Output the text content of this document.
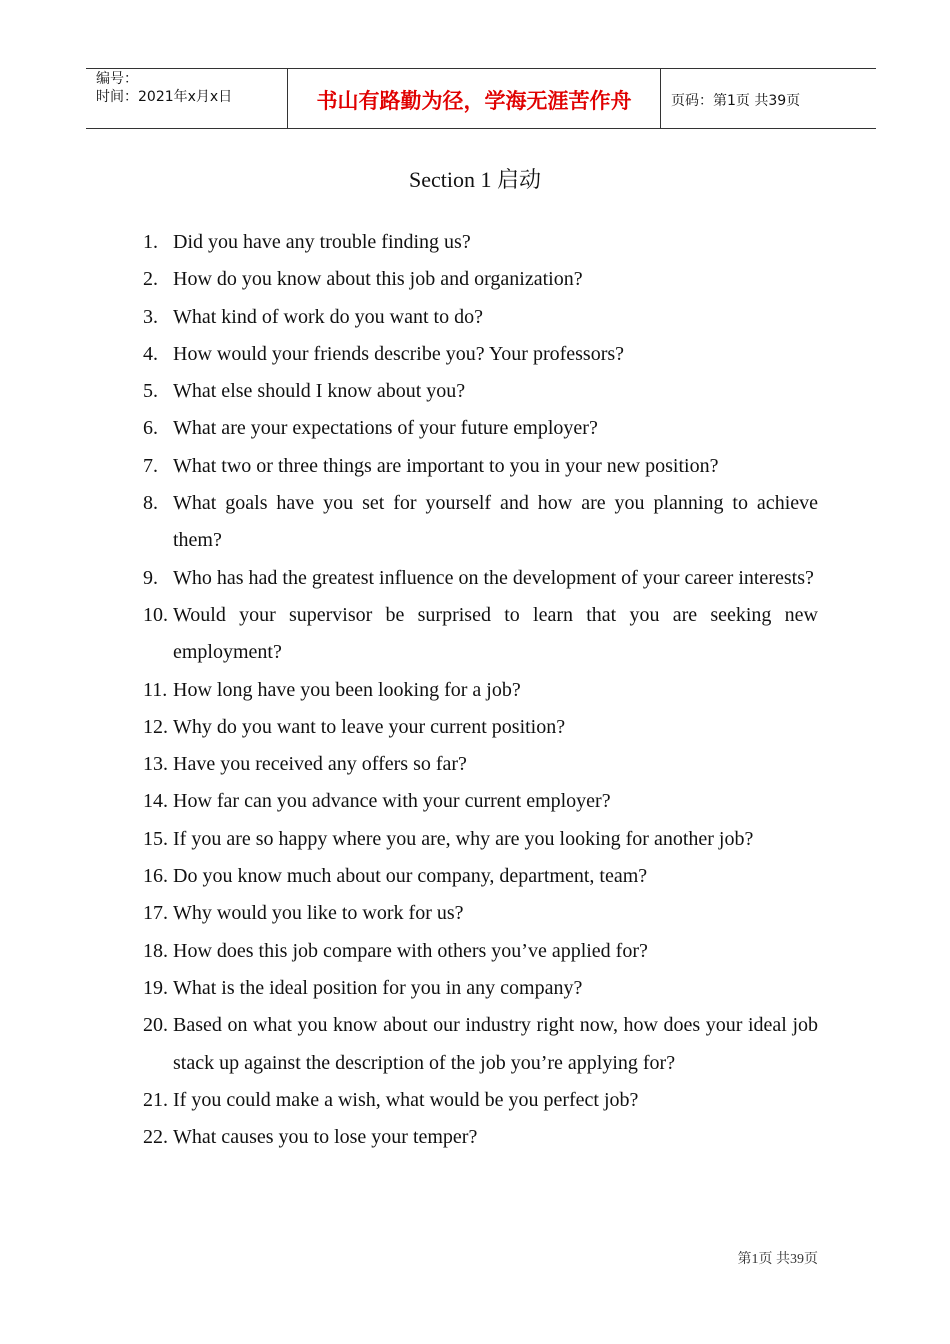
编号：
时间：2021年x月x日	书山有路勤为径，学海无涯苦作舟	页码：第1页 共39页
Section 1 启动
1. Did you have any trouble finding us?
2. How do you know about this job and organization?
3. What kind of work do you want to do?
4. How would your friends describe you? Your professors?
5. What else should I know about you?
6. What are your expectations of your future employer?
7. What two or three things are important to you in your new position?
8. What goals have you set for yourself and how are you planning to achieve them?
9. Who has had the greatest influence on the development of your career interests?
10. Would your supervisor be surprised to learn that you are seeking new employment?
11. How long have you been looking for a job?
12. Why do you want to leave your current position?
13. Have you received any offers so far?
14. How far can you advance with your current employer?
15. If you are so happy where you are, why are you looking for another job?
16. Do you know much about our company, department, team?
17. Why would you like to work for us?
18. How does this job compare with others you’ve applied for?
19. What is the ideal position for you in any company?
20. Based on what you know about our industry right now, how does your ideal job stack up against the description of the job you’re applying for?
21. If you could make a wish, what would be you perfect job?
22. What causes you to lose your temper?
第1页 共39页
